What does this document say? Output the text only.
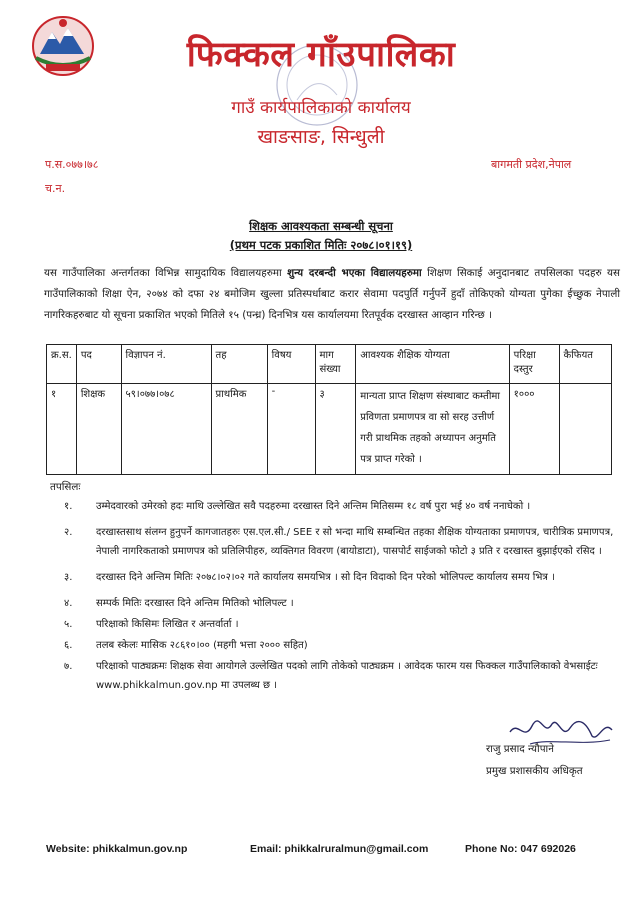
फिक्कल गाँउपालिका
गाउँ कार्यपालिकाको कार्यालय
खाङसाङ, सिन्धुली
प.स.०७७।७८
च.न.
बागमती प्रदेश,नेपाल
शिक्षक आवश्यकता सम्बन्धी सूचना
(प्रथम पटक प्रकाशित मितिः २०७८।०१।१९)
यस गाउँपालिका अन्तर्गतका विभिन्न सामुदायिक विद्यालयहरुमा शुन्य दरबन्दी भएका विद्यालयहरुमा शिक्षण सिकाई अनुदानबाट तपसिलका पदहरु यस गाउँपालिकाको शिक्षा ऐन, २०७४ को दफा २४ बमोजिम खुल्ला प्रतिस्पर्धाबाट करार सेवामा पदपुर्ति गर्नुपर्ने हुदाँ तोकिएको योग्यता पुगेका ईच्छुक नेपाली नागरिकहरुबाट यो सूचना प्रकाशित भएकाे मितिले १५ (पन्ध्र) दिनभित्र यस कार्यालयमा रितपूर्वक दरखास्त आव्हान गरिन्छ ।
क्र.स.	पद	विज्ञापन नं.	तह	विषय	माग संख्या	आवश्यक शैक्षिक योग्यता	परिक्षा दस्तुर	कैफियत
१	शिक्षक	५९।०७७।०७८	प्राथमिक	-	३	मान्यता प्राप्त शिक्षण संस्थाबाट कम्तीमा प्रविणता प्रमाणपत्र वा सो सरह उत्तीर्ण गरी प्राथमिक तहको अध्यापन अनुमति पत्र प्राप्त गरेको ।	१०००	
तपसिलः
१. उम्मेदवारको उमेरको हदः माथि उल्लेखित सवै पदहरुमा दरखास्त दिने अन्तिम मितिसम्म १८ वर्ष पुरा भई ४० वर्ष ननाघेको ।
२. दरखास्तसाथ संलग्न हुनुपर्ने कागजातहरुः एस.एल.सी./ SEE र सो भन्दा माथि सम्बन्धित तहका शैक्षिक योग्यताका प्रमाणपत्र, चारीत्रिक प्रमाणपत्र, नेपाली नागरिकताको प्रमाणपत्र को प्रतिलिपीहरु, व्यक्तिगत विवरण (बायोडाटा), पासपोर्ट साईजको फोटो ३ प्रति र दरखास्त बुझाईएको रसिद ।
३. दरखास्त दिने अन्तिम मितिः २०७८।०२।०२ गते कार्यालय समयभित्र । सो दिन विदाको दिन परेको भोलिपल्ट कार्यालय समय भित्र ।
४. सम्पर्क मितिः दरखास्त दिने अन्तिम मितिको भोलिपल्ट ।
५. परिक्षाको किसिमः लिखित र अन्तर्वार्ता ।
६. तलब स्केलः मासिक २८६१०।०० (महगी भत्ता २००० सहित)
७. परिक्षाको पाठ्यक्रमः शिक्षक सेवा आयोगले उल्लेखित पदको लागि तोकेको पाठ्यक्रम । आवेदक फारम यस फिक्कल गाउँपालिकाको वेभसाईटः www.phikkalmun.gov.np मा उपलब्ध छ ।
राजु प्रसाद न्यौपाने
प्रमुख प्रशासकीय अधिकृत
Website: phikkalmun.gov.np	Email: phikkalruralmun@gmail.com	Phone No: 047 692026
